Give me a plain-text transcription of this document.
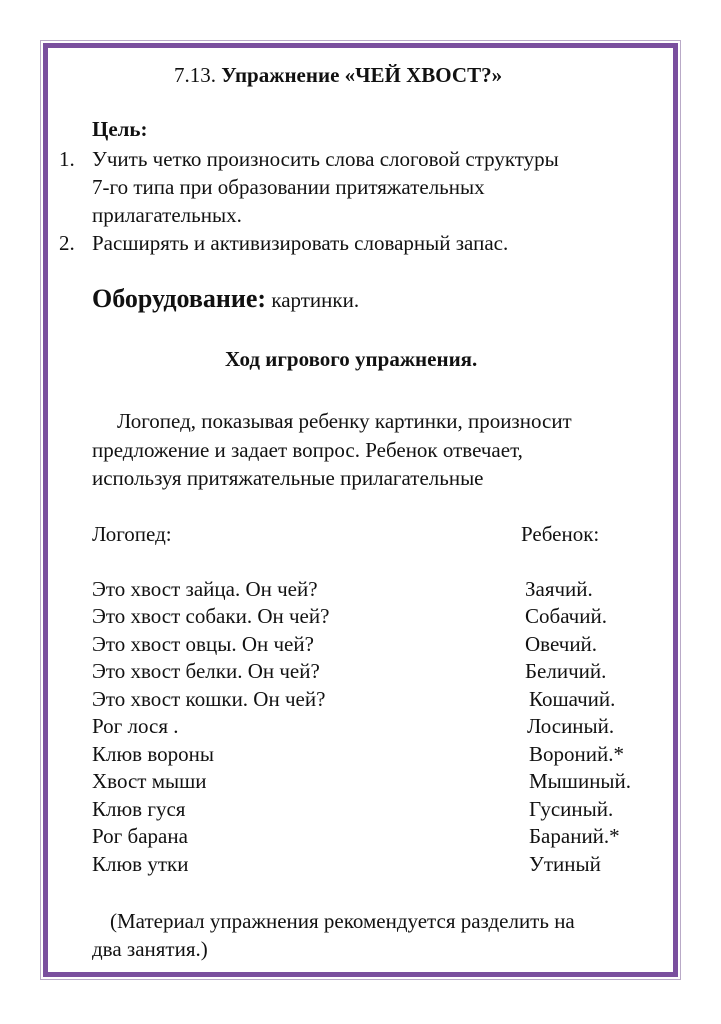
7.13. Упражнение «ЧЕЙ ХВОСТ?»
Цель:
1. Учить четко произносить слова слоговой структуры
7-го типа при образовании притяжательных
прилагательных.
2. Расширять и активизировать словарный запас.
Оборудование: картинки.
Ход игрового упражнения.
Логопед, показывая ребенку картинки, произносит
предложение и задает вопрос. Ребенок отвечает,
используя притяжательные прилагательные
Логопед:	Ребенок:
Это хвост зайца. Он чей?	Заячий.
Это хвост собаки. Он чей?	Собачий.
Это хвост овцы. Он чей?	Овечий.
Это хвост белки. Он чей?	Беличий.
Это хвост кошки. Он чей?	Кошачий.
Рог лося .	Лосиный.
Клюв вороны	Вороний.*
Хвост мыши	Мышиный.
Клюв гуся	Гусиный.
Рог барана	Бараний.*
Клюв утки	Утиный
(Материал упражнения рекомендуется разделить на
два занятия.)
